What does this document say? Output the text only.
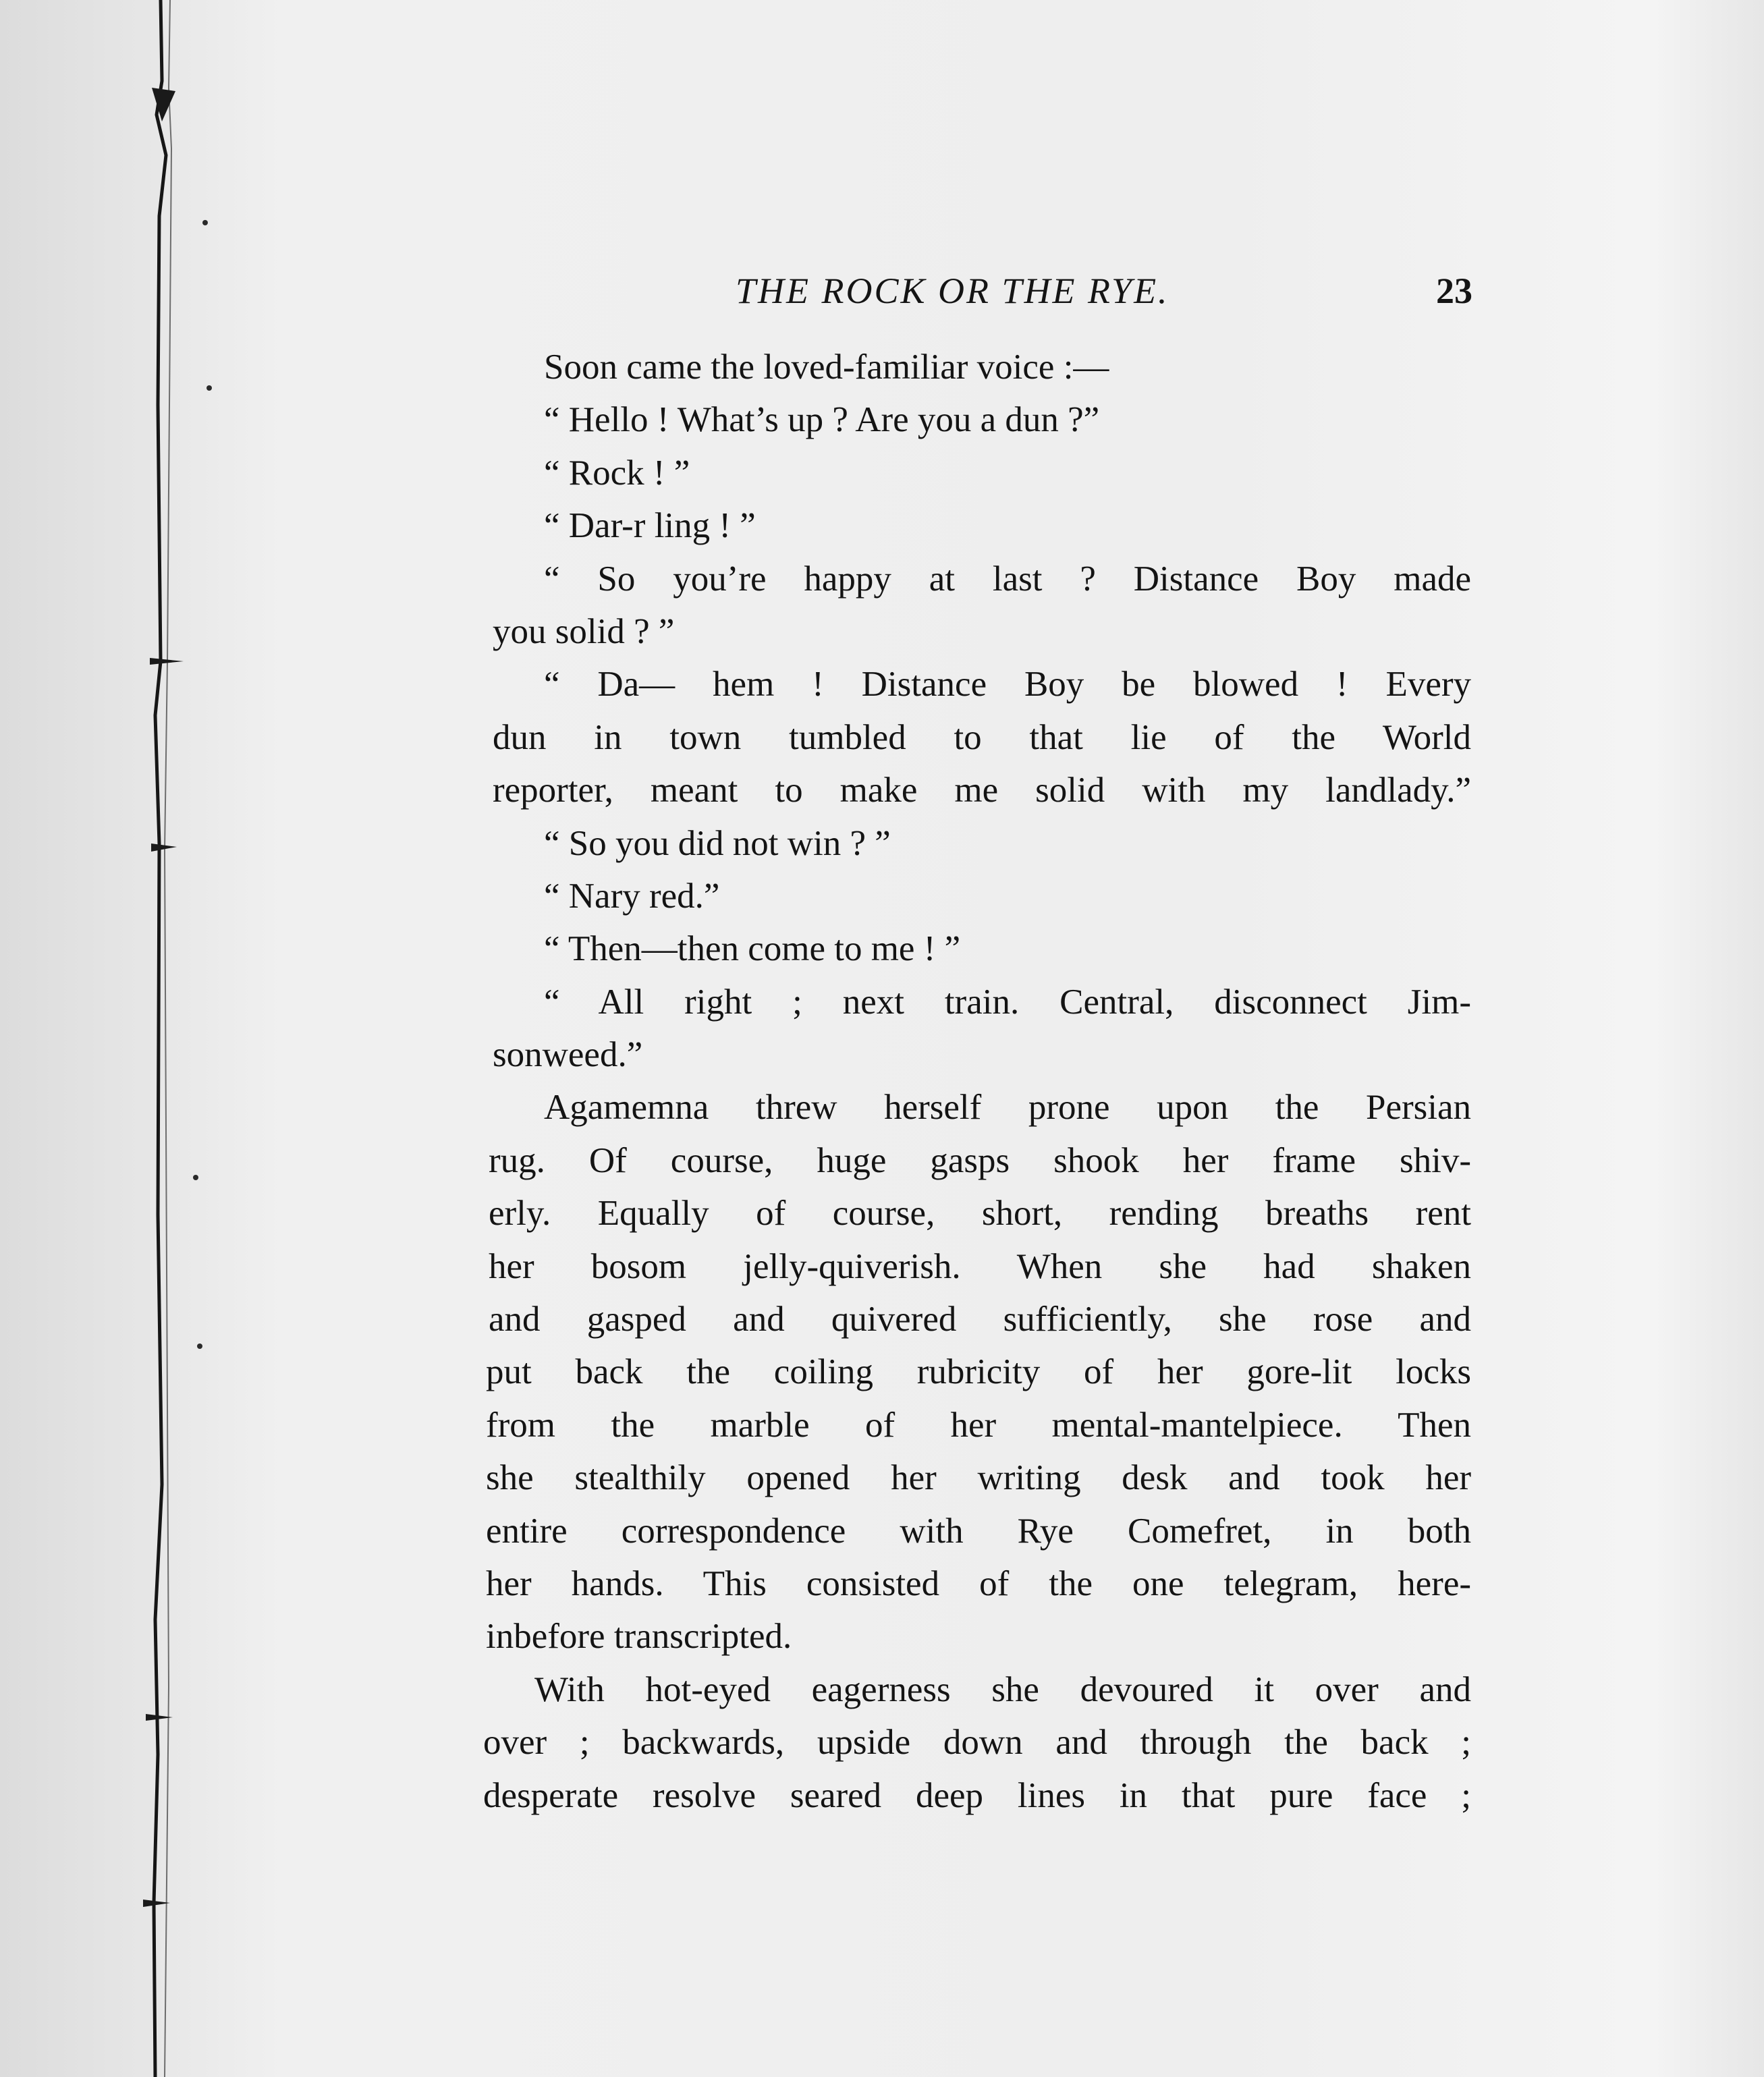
THE ROCK OR THE RYE.	23
Soon came the loved-familiar voice :—
“ Hello ! What’s up ? Are you a dun ?”
“ Rock ! ”
“ Dar-r ling ! ”
“ So you’re happy at last ? Distance Boy made
you solid ? ”
“ Da— hem ! Distance Boy be blowed ! Every
dun in town tumbled to that lie of the World
reporter, meant to make me solid with my landlady.”
“ So you did not win ? ”
“ Nary red.”
“ Then—then come to me ! ”
“ All right ; next train. Central, disconnect Jim-
sonweed.”
Agamemna threw herself prone upon the Persian
rug. Of course, huge gasps shook her frame shiv-
erly. Equally of course, short, rending breaths rent
her bosom jelly-quiverish. When she had shaken
and gasped and quivered sufficiently, she rose and
put back the coiling rubricity of her gore-lit locks
from the marble of her mental-mantelpiece. Then
she stealthily opened her writing desk and took her
entire correspondence with Rye Comefret, in both
her hands. This consisted of the one telegram, here-
inbefore transcripted.
With hot-eyed eagerness she devoured it over and
over ; backwards, upside down and through the back ;
desperate resolve seared deep lines in that pure face ;
